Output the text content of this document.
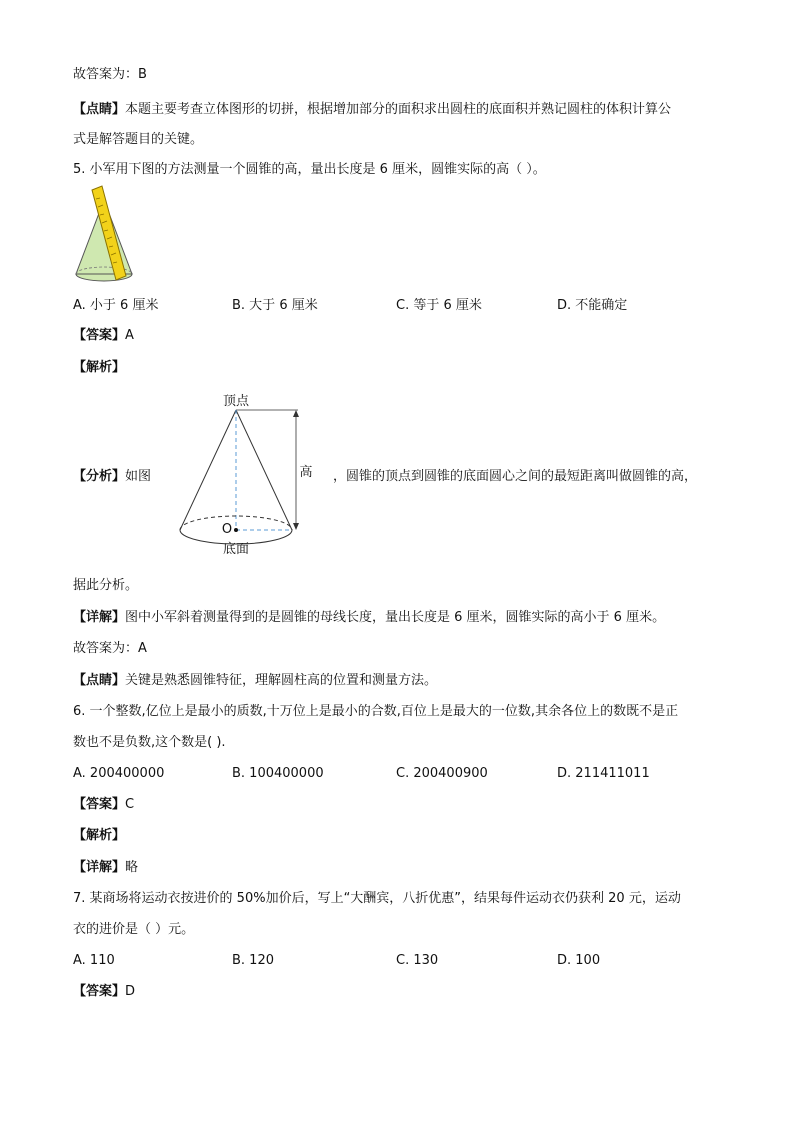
故答案为：B
【点睛】本题主要考查立体图形的切拼，根据增加部分的面积求出圆柱的底面积并熟记圆柱的体积计算公
式是解答题目的关键。
5. 小军用下图的方法测量一个圆锥的高，量出长度是 6 厘米，圆锥实际的高（ ）。
A. 小于 6 厘米	B. 大于 6 厘米	C. 等于 6 厘米	D. 不能确定
【答案】A
【解析】
【分析】如图
顶点
高
O
底面
，圆锥的顶点到圆锥的底面圆心之间的最短距离叫做圆锥的高，
据此分析。
【详解】图中小军斜着测量得到的是圆锥的母线长度，量出长度是 6 厘米，圆锥实际的高小于 6 厘米。
故答案为：A
【点睛】关键是熟悉圆锥特征，理解圆柱高的位置和测量方法。
6. 一个整数,亿位上是最小的质数,十万位上是最小的合数,百位上是最大的一位数,其余各位上的数既不是正
数也不是负数,这个数是( ).
A. 200400000	B. 100400000	C. 200400900	D. 211411011
【答案】C
【解析】
【详解】略
7. 某商场将运动衣按进价的 50%加价后，写上“大酬宾，八折优惠”，结果每件运动衣仍获利 20 元，运动
衣的进价是（ ）元。
A. 110	B. 120	C. 130	D. 100
【答案】D
